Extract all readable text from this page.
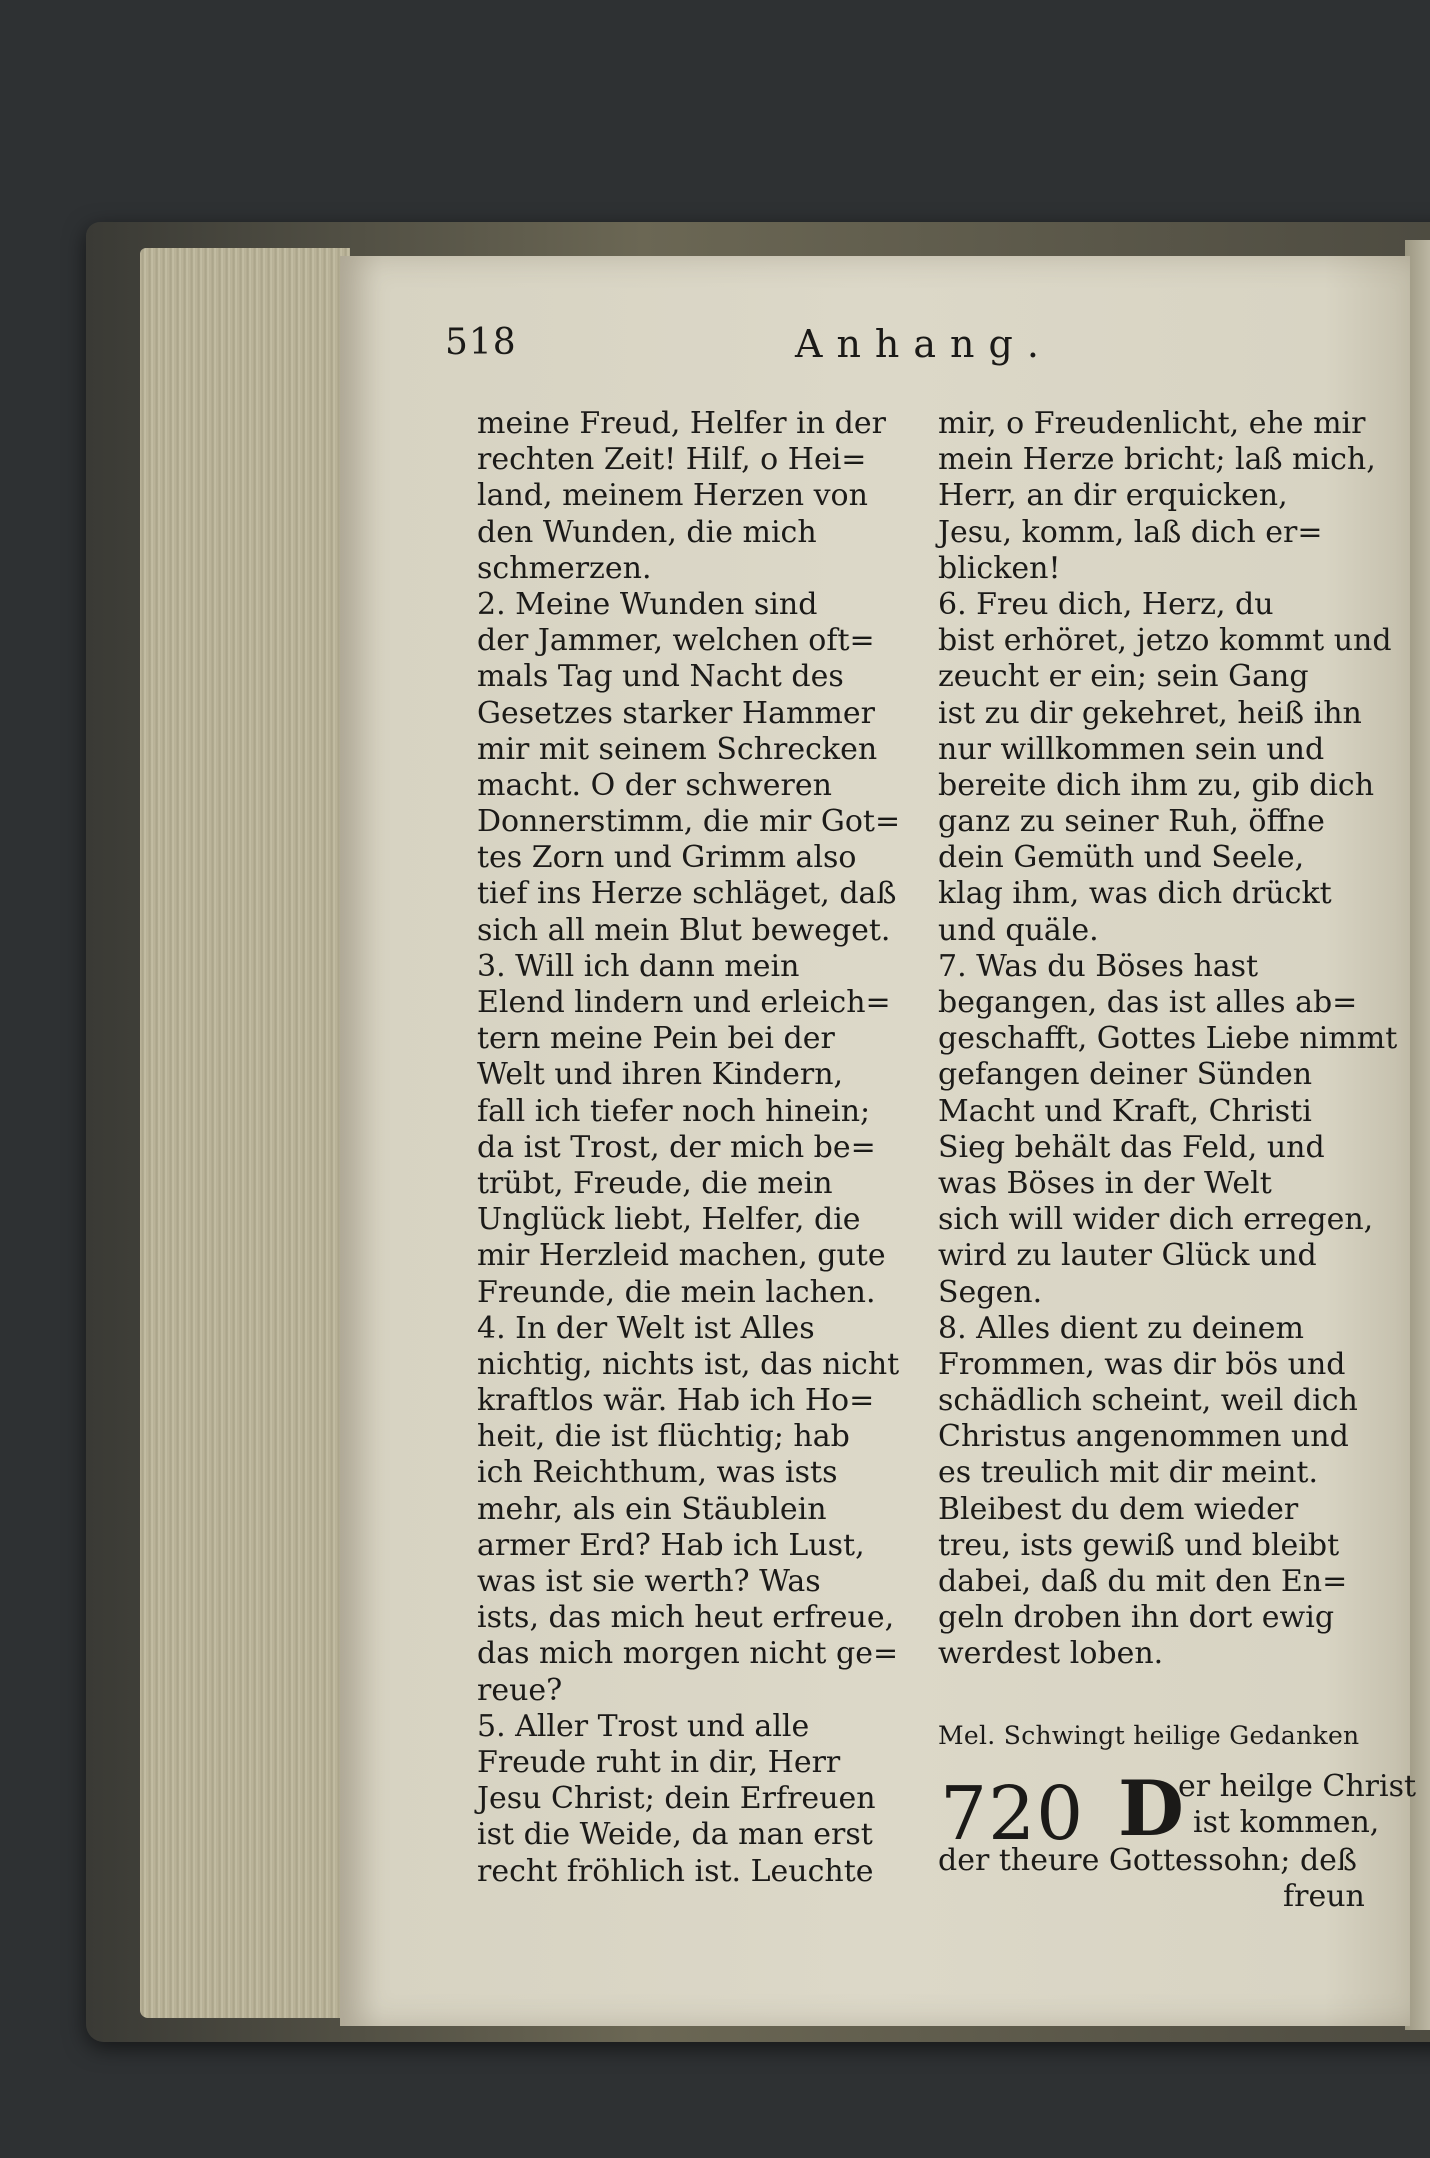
518	Anhang.
meine Freud, Helfer in der
rechten Zeit! Hilf, o Hei=
land, meinem Herzen von
den Wunden, die mich
schmerzen.
2. Meine Wunden sind
der Jammer, welchen oft=
mals Tag und Nacht des
Gesetzes starker Hammer
mir mit seinem Schrecken
macht. O der schweren
Donnerstimm, die mir Got=
tes Zorn und Grimm also
tief ins Herze schläget, daß
sich all mein Blut beweget.
3. Will ich dann mein
Elend lindern und erleich=
tern meine Pein bei der
Welt und ihren Kindern,
fall ich tiefer noch hinein;
da ist Trost, der mich be=
trübt, Freude, die mein
Unglück liebt, Helfer, die
mir Herzleid machen, gute
Freunde, die mein lachen.
4. In der Welt ist Alles
nichtig, nichts ist, das nicht
kraftlos wär. Hab ich Ho=
heit, die ist flüchtig; hab
ich Reichthum, was ists
mehr, als ein Stäublein
armer Erd? Hab ich Lust,
was ist sie werth? Was
ists, das mich heut erfreue,
das mich morgen nicht ge=
reue?
5. Aller Trost und alle
Freude ruht in dir, Herr
Jesu Christ; dein Erfreuen
ist die Weide, da man erst
recht fröhlich ist. Leuchte
mir, o Freudenlicht, ehe mir
mein Herze bricht; laß mich,
Herr, an dir erquicken,
Jesu, komm, laß dich er=
blicken!
6. Freu dich, Herz, du
bist erhöret, jetzo kommt und
zeucht er ein; sein Gang
ist zu dir gekehret, heiß ihn
nur willkommen sein und
bereite dich ihm zu, gib dich
ganz zu seiner Ruh, öffne
dein Gemüth und Seele,
klag ihm, was dich drückt
und quäle.
7. Was du Böses hast
begangen, das ist alles ab=
geschafft, Gottes Liebe nimmt
gefangen deiner Sünden
Macht und Kraft, Christi
Sieg behält das Feld, und
was Böses in der Welt
sich will wider dich erregen,
wird zu lauter Glück und
Segen.
8. Alles dient zu deinem
Frommen, was dir bös und
schädlich scheint, weil dich
Christus angenommen und
es treulich mit dir meint.
Bleibest du dem wieder
treu, ists gewiß und bleibt
dabei, daß du mit den En=
geln droben ihn dort ewig
werdest loben.
Mel. Schwingt heilige Gedanken
720 D
er heilge Christ
ist kommen,
der theure Gottessohn; deß
freun
